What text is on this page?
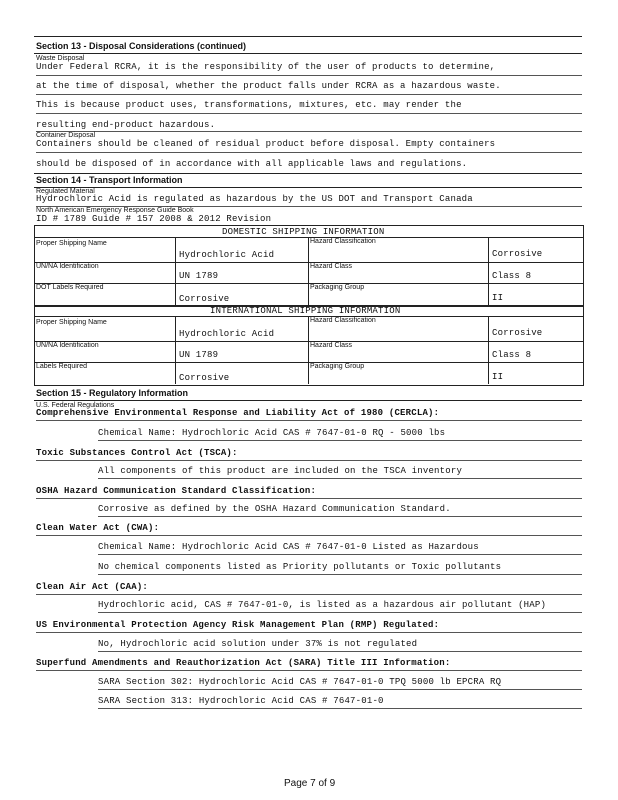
Section 13 - Disposal Considerations (continued)
Waste Disposal
Under Federal RCRA, it is the responsibility of the user of products to determine,
at the time of disposal, whether the product falls under RCRA as a hazardous waste.
This is because product uses, transformations, mixtures, etc. may render the
resulting end-product hazardous.
Container Disposal
Containers should be cleaned of residual product before disposal. Empty containers
should be disposed of in accordance with all applicable laws and regulations.
Section 14 - Transport Information
Regulated Material
Hydrochloric Acid is regulated as hazardous by the US DOT and Transport Canada
North American Emergency Response Guide Book
ID # 1789 Guide # 157 2008 & 2012 Revision
DOMESTIC SHIPPING INFORMATION
Proper Shipping Name
Hydrochloric Acid
Hazard Classification
Corrosive
UN/NA Identification
UN 1789
Hazard Class
Class 8
DOT Labels Required
Corrosive
Packaging Group
II
INTERNATIONAL SHIPPING INFORMATION
Proper Shipping Name
Hydrochloric Acid
Hazard Classification
Corrosive
UN/NA Identification
UN 1789
Hazard Class
Class 8
Labels Required
Corrosive
Packaging Group
II
Section 15 - Regulatory Information
U.S. Federal Regulations
Comprehensive Environmental Response and Liability Act of 1980 (CERCLA):
Chemical Name: Hydrochloric Acid CAS # 7647-01-0 RQ - 5000 lbs
Toxic Substances Control Act (TSCA):
All components of this product are included on the TSCA inventory
OSHA Hazard Communication Standard Classification:
Corrosive as defined by the OSHA Hazard Communication Standard.
Clean Water Act (CWA):
Chemical Name: Hydrochloric Acid CAS # 7647-01-0 Listed as Hazardous
No chemical components listed as Priority pollutants or Toxic pollutants
Clean Air Act (CAA):
Hydrochloric acid, CAS # 7647-01-0, is listed as a hazardous air pollutant (HAP)
US Environmental Protection Agency Risk Management Plan (RMP) Regulated:
No, Hydrochloric acid solution under 37% is not regulated
Superfund Amendments and Reauthorization Act (SARA) Title III Information:
SARA Section 302: Hydrochloric Acid CAS # 7647-01-0 TPQ 5000 lb EPCRA RQ
SARA Section 313: Hydrochloric Acid CAS # 7647-01-0
Page 7 of 9
